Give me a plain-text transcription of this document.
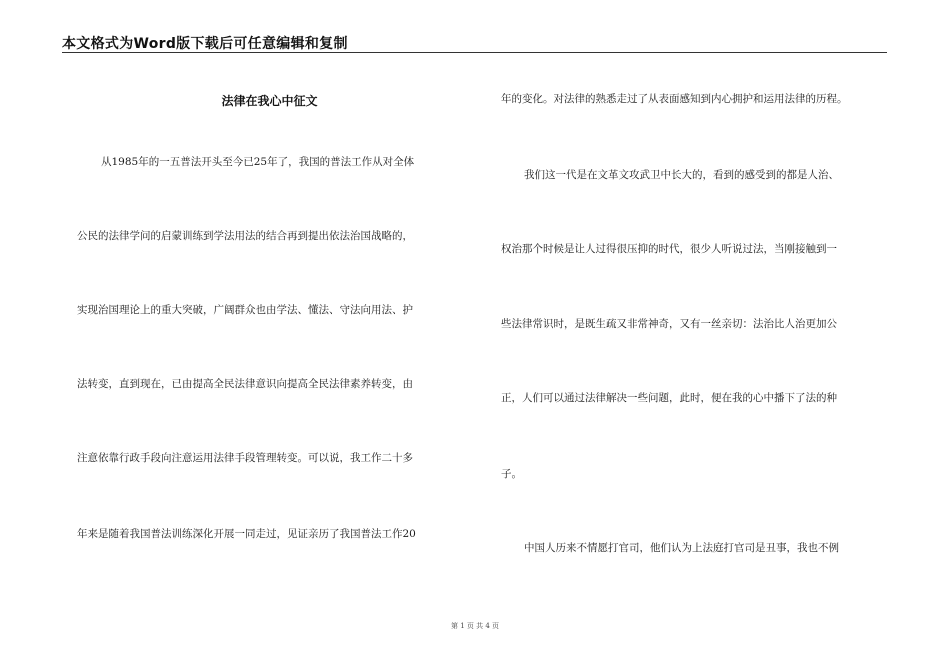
本文格式为Word版下载后可任意编辑和复制
法律在我心中征文
从1985年的一五普法开头至今已25年了，我国的普法工作从对全体
公民的法律学问的启蒙训练到学法用法的结合再到提出依法治国战略的，
实现治国理论上的重大突破，广阔群众也由学法、懂法、守法向用法、护
法转变，直到现在，已由提高全民法律意识向提高全民法律素养转变，由
注意依靠行政手段向注意运用法律手段管理转变。可以说，我工作二十多
年来是随着我国普法训练深化开展一同走过，见证亲历了我国普法工作20
年的变化。对法律的熟悉走过了从表面感知到内心拥护和运用法律的历程。
我们这一代是在文革文攻武卫中长大的，看到的感受到的都是人治、
权治那个时候是让人过得很压抑的时代，很少人听说过法，当刚接触到一
些法律常识时，是既生疏又非常神奇，又有一丝亲切：法治比人治更加公
正，人们可以通过法律解决一些问题，此时，便在我的心中播下了法的种
子。
中国人历来不情愿打官司，他们认为上法庭打官司是丑事，我也不例
第 1 页 共 4 页
